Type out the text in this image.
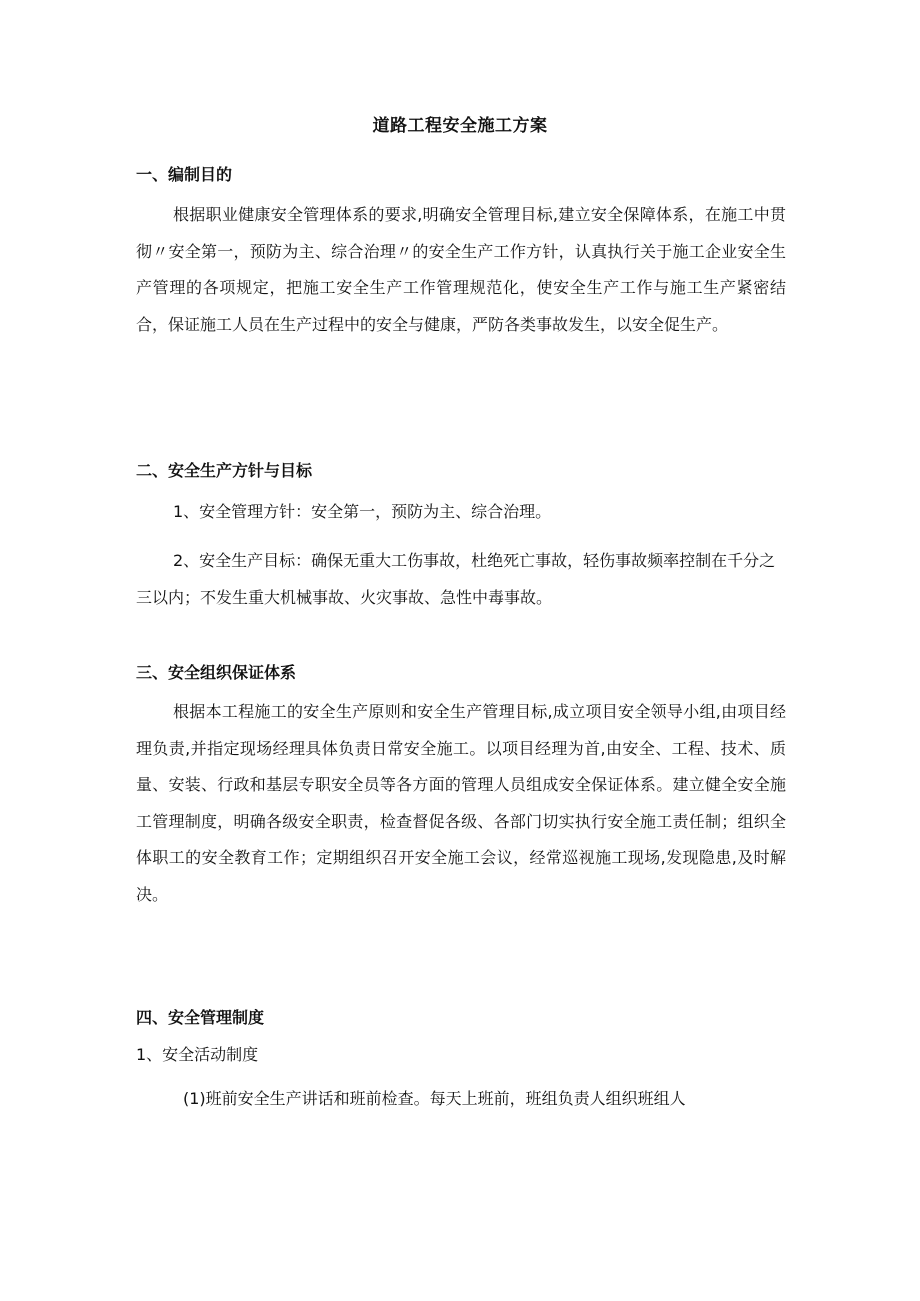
道路工程安全施工方案
一、编制目的

根据职业健康安全管理体系的要求,明确安全管理目标,建立安全保障体系，在施工中贯彻〃安全第一，预防为主、综合治理〃的安全生产工作方针，认真执行关于施工企业安全生产管理的各项规定，把施工安全生产工作管理规范化，使安全生产工作与施工生产紧密结合，保证施工人员在生产过程中的安全与健康，严防各类事故发生，以安全促生产。

二、安全生产方针与目标

1、安全管理方针：安全第一，预防为主、综合治理。

2、安全生产目标：确保无重大工伤事故，杜绝死亡事故，轻伤事故频率控制在千分之三以内；不发生重大机械事故、火灾事故、急性中毒事故。

三、安全组织保证体系

根据本工程施工的安全生产原则和安全生产管理目标,成立项目安全领导小组,由项目经理负责,并指定现场经理具体负责日常安全施工。以项目经理为首,由安全、工程、技术、质量、安装、行政和基层专职安全员等各方面的管理人员组成安全保证体系。建立健全安全施工管理制度，明确各级安全职责，检查督促各级、各部门切实执行安全施工责任制；组织全体职工的安全教育工作；定期组织召开安全施工会议，经常巡视施工现场,发现隐患,及时解决。

四、安全管理制度

1、安全活动制度

(1)班前安全生产讲话和班前检查。每天上班前，班组负责人组织班组人
